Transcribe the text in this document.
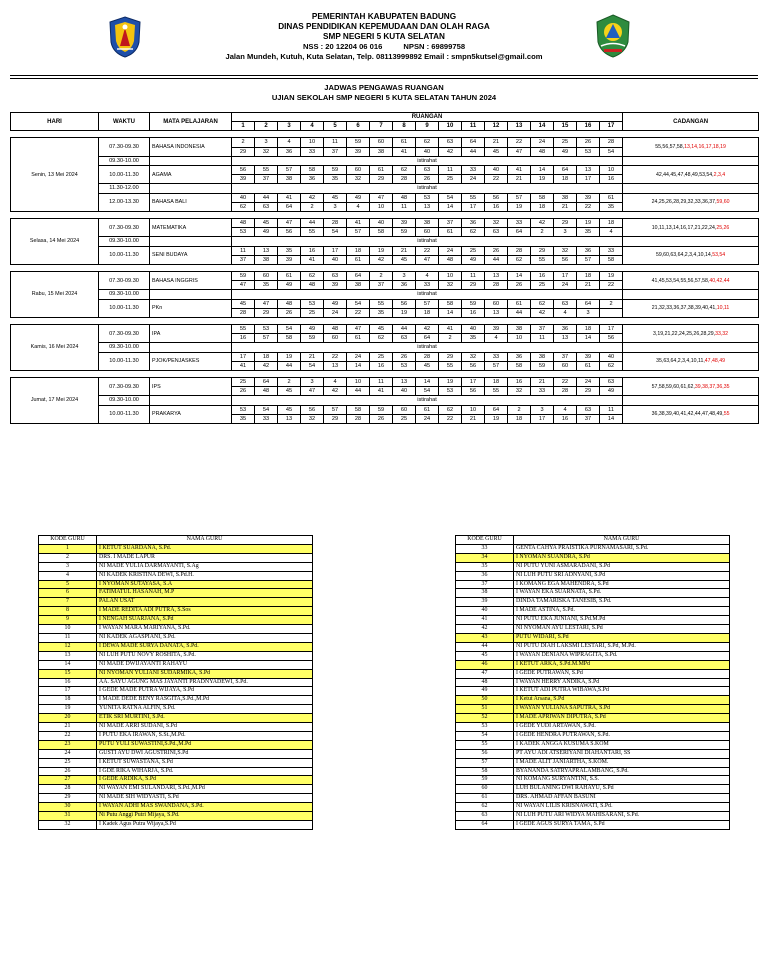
PEMERINTAH KABUPATEN BADUNG
DINAS PENDIDIKAN KEPEMUDAAN DAN OLAH RAGA
SMP NEGERI 5 KUTA SELATAN
NSS : 20 12204 06 016          NPSN : 69899758
Jalan Mundeh, Kutuh, Kuta Selatan, Telp. 08113999892 Email : smpn5kutsel@gmail.com
JADWAS PENGAWAS RUANGAN
UJIAN SEKOLAH SMP NEGERI 5 KUTA SELATAN TAHUN 2024
HARI	WAKTU	MATA PELAJARAN	RUANGAN																	CADANGAN
			1	2	3	4	5	6	7	8	9	10	11	12	13	14	15	16	17	

Senin, 13 Mei 2024	07.30-09.30	BAHASA INDONESIA	2	3	4	10	11	59	60	61	62	63	64	21	22	24	25	26	28	55,56,57,58,13,14,16,17,18,19
			29	32	36	33	37	39	38	41	40	42	44	45	47	48	49	53	54	
	09.30-10.00		istirahat																	
	10.00-11.30	AGAMA	56	55	57	58	59	60	61	62	63	11	33	40	41	14	64	13	10	42,44,45,47,48,49,53,54,2,3,4
			39	37	38	36	35	32	29	28	26	25	24	22	21	19	18	17	16	
	11.30-12.00		istirahat																	
	12.00-13.30	BAHASA BALI	40	44	41	42	45	49	47	48	53	54	55	56	57	58	38	39	61	24,25,26,28,29,32,33,36,37,59,60
			62	63	64	2	3	4	10	11	13	14	17	16	19	18	21	22	35	

Selasa, 14 Mei 2024	07.30-09.30	MATEMATIKA	48	45	47	44	28	41	40	39	38	37	36	32	33	42	29	19	18	10,11,13,14,16,17,21,22,24,25,26
			53	49	56	55	54	57	58	59	60	61	62	63	64	2	3	35	4	
	09.30-10.00		istirahat																	
	10.00-11.30	SENI BUDAYA	11	13	35	16	17	18	19	21	22	24	25	26	28	29	32	36	33	59,60,63,64,2,3,4,10,14,53,54
			37	38	39	41	40	61	42	45	47	48	49	44	62	55	56	57	58	

Rabu, 15 Mei 2024	07.30-09.30	BAHASA INGGRIS	59	60	61	62	63	64	2	3	4	10	11	13	14	16	17	18	19	41,45,53,54,55,56,57,58,40,42,44
			47	35	49	48	39	38	37	36	33	32	29	28	26	25	24	21	22	
	09.30-10.00		istirahat																	
	10.00-11.30	PKn	45	47	48	53	49	54	55	56	57	58	59	60	61	62	63	64	2	21,32,33,36,37,38,39,40,41,10,11
			28	29	26	25	24	22	35	19	18	14	16	13	44	42	4	3		

Kamis, 16 Mei 2024	07.30-09.30	IPA	55	53	54	49	48	47	45	44	42	41	40	39	38	37	36	18	17	3,19,21,22,24,25,26,28,29,33,32
			16	57	58	59	60	61	62	63	64	2	35	4	10	11	13	14	56	
	09.30-10.00		istirahat																	
	10.00-11.30	PJOK/PENJASKES	17	18	19	21	22	24	25	26	28	29	32	33	36	38	37	39	40	35,63,64,2,3,4,10,11,47,48,49
			41	42	44	54	13	14	16	53	45	55	56	57	58	59	60	61	62	

Jumat, 17 Mei 2024	07.30-09.30	IPS	25	64	2	3	4	10	11	13	14	19	17	18	16	21	22	24	63	57,58,59,60,61,62,39,38,37,36,35
			26	48	45	47	42	44	41	40	54	53	56	55	32	33	28	29	49	
	09.30-10.00		istirahat																	
	10.00-11.30	PRAKARYA	53	54	45	56	57	58	59	60	61	62	10	64	2	3	4	63	11	36,38,39,40,41,42,44,47,48,49,55
			35	33	13	32	29	28	26	25	24	22	21	19	18	17	16	37	14	
KODE GURU	NAMA GURU
1	I KETUT SUARDANA, S.Pd.
2	DRS. I MADE LAPUR
3	NI MADE YULIA DARMAYANTI, S.Ag
4	NI KADEK KRISTINA DEWI, S.Pd.H.
5	I NYOMAN SUTAYASA, S.A
6	FATIMATUL HASANAH, M.P
7	PALAN USAT
8	I MADE REDITA ADI PUTRA, S.Sos
9	I NENGAH SUARJANA, S.Pd
10	I WAYAN MARA MARIYANA, S.Pd.
11	NI KADEK AGASPIANI, S.Pd.
12	I DEWA MADE SURYA DANATA, S.Pd.
13	NI LUH PUTU NOVY ROSHITA, S.Pd.
14	NI MADE DWIJAYANTI RAHAYU
15	NI NYOMAN YULIANI SUDARMIKA, S.Pd
16	AA. SAYU AGUNG MAS JAYANTI PRADNYADEWI, S.Pd.
17	I GEDE MADE PUTRA WIJAYA, S.Pd
18	I MADE DEDE BENY RASGITA,S.Pd.,M.Pd
19	YUNITA RATNA ALFIN, S.Pd.
20	ETIK SRI MURTINI, S.Pd.
21	NI MADE ARRI SUDANI, S.Pd
22	I PUTU EKA IRAWAN, S.St.,M.Pd.
23	PUTU YULI SUWASTINI,S.Pd.,M.Pd
24	GUSTI AYU DWI AGUSTRINI,S.Pd
25	I KETUT SUWASTANA, S.Pd
26	I GDE RIKA WIHARJA, S.Pd.
27	I GEDE ARDIKA, S.Pd
28	NI WAYAN EMI SULANDARI, S.Pd.,M.Pd
29	NI MADE SIH WIDYASTI, S.Pd
30	I WAYAN ADHI MAS SWANDANA, S.Pd.
31	Ni Putu Anggi Putri Mijaya, S.Pd.
32	I Kadek Agus Putra Wijaya,S.Pd
KODE GURU	NAMA GURU
33	GENTA CAHYA PRAISTIKA PURNAMASARI, S.Pd.
34	I NYOMAN SUANDRA, S.Pd
35	NI PUTU YUNI ASMARADANI, S.Pd
36	NI LUH PUTU SRI ADNYANI, S.Pd
37	I KOMANG EGA MAHENDRA, S.Pd
38	I WAYAN EKA SUARNATA, S.Pd.
39	DINDA TAMARISKA TANESIB, S.Pd.
40	I MADE ASTINA, S.Pd.
41	NI PUTU EKA JUNIANI, S.Pd.M.Pd
42	NI NYOMAN AYU LESTARI, S.Pd
43	PUTU WIDARI, S.Pd
44	NI PUTU DIAH LAKSMI LESTARI, S.Pd, M.Pd.
45	I WAYAN DENIANA WIPRAGITA, S.Pd.
46	I KETUT ARKA, S.Pd.M.MPd
47	I GEDE PUTRAWAN, S.Pd
48	I WAYAN HERRY ANDIKA, S.Pd
49	I KETUT ADI PUTRA WIBAWA,S.Pd
50	I Ketut Arsana, S.Pd
51	I WAYAN YULIANA SAPUTRA, S.Pd
52	I MADE APRIWAN DIPUTRA, S.Pd
53	I GEDE YUDI ARTAWAN, S.Pd.
54	I GEDE HENDRA PUTRAWAN, S.Pd.
55	I KADEK ANGGA KUSUMA S.KOM
56	PT AYU ADI ATSERIYANI DIAHANTARI, SS
57	I MADE ALIT JANIARTHA, S.KOM.
58	BYANANDA SATRYAPRALAMBANG, S.Pd.
59	NI KOMANG SURYANTINI, S.S.
60	LUH BULANING DWI RAHAYU, S.Pd
61	DRS. AHMAD AFFAN BASUNI
62	NI WAYAN LILIS KRISNAWATI, S.Pd.
63	NI LUH PUTU ARI WIDYA MAHISARANI, S.Pd.
64	I GEDE AGUS SURYA TAMA, S.Pd
